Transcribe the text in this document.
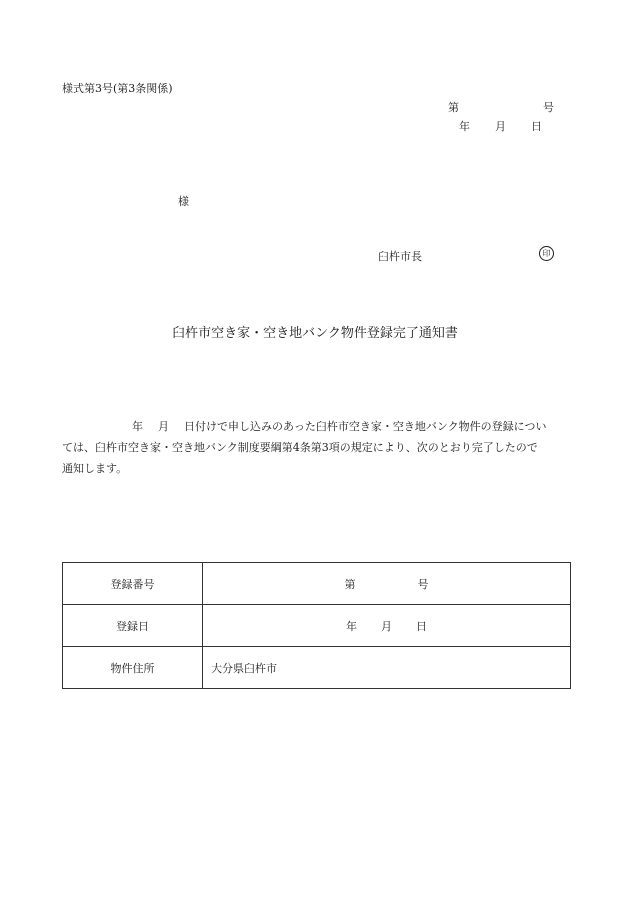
様式第3号(第3条関係)
第	号
年 月 日
様
臼杵市長	印
臼杵市空き家・空き地バンク物件登録完了通知書
年 月 日付けで申し込みのあった臼杵市空き家・空き地バンク物件の登録につい
ては、臼杵市空き家・空き地バンク制度要綱第4条第3項の規定により、次のとおり完了したので
通知します。
登録番号	第 号
登録日	年 月 日
物件住所	大分県臼杵市
